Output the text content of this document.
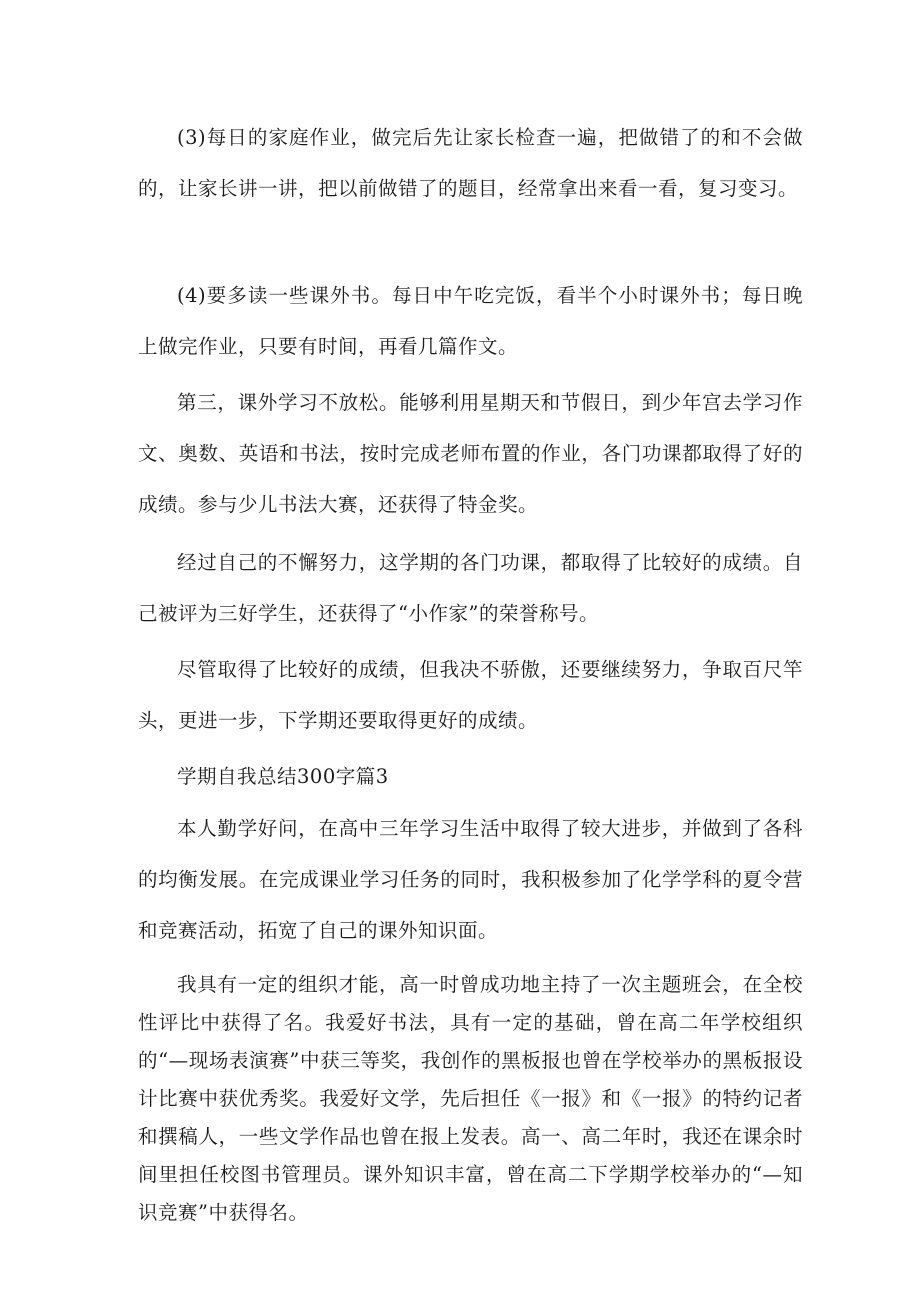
(3)每日的家庭作业，做完后先让家长检查一遍，把做错了的和不会做的，让家长讲一讲，把以前做错了的题目，经常拿出来看一看，复习变习。

(4)要多读一些课外书。每日中午吃完饭，看半个小时课外书；每日晚上做完作业，只要有时间，再看几篇作文。

第三，课外学习不放松。能够利用星期天和节假日，到少年宫去学习作文、奥数、英语和书法，按时完成老师布置的作业，各门功课都取得了好的成绩。参与少儿书法大赛，还获得了特金奖。

经过自己的不懈努力，这学期的各门功课，都取得了比较好的成绩。自己被评为三好学生，还获得了“小作家”的荣誉称号。

尽管取得了比较好的成绩，但我决不骄傲，还要继续努力，争取百尺竿头，更进一步，下学期还要取得更好的成绩。

学期自我总结300字篇3

本人勤学好问，在高中三年学习生活中取得了较大进步，并做到了各科的均衡发展。在完成课业学习任务的同时，我积极参加了化学学科的夏令营和竞赛活动，拓宽了自己的课外知识面。

我具有一定的组织才能，高一时曾成功地主持了一次主题班会，在全校性评比中获得了名。我爱好书法，具有一定的基础，曾在高二年学校组织的“—现场表演赛”中获三等奖，我创作的黑板报也曾在学校举办的黑板报设计比赛中获优秀奖。我爱好文学，先后担任《一报》和《一报》的特约记者和撰稿人，一些文学作品也曾在报上发表。高一、高二年时，我还在课余时间里担任校图书管理员。课外知识丰富，曾在高二下学期学校举办的“—知识竞赛”中获得名。
